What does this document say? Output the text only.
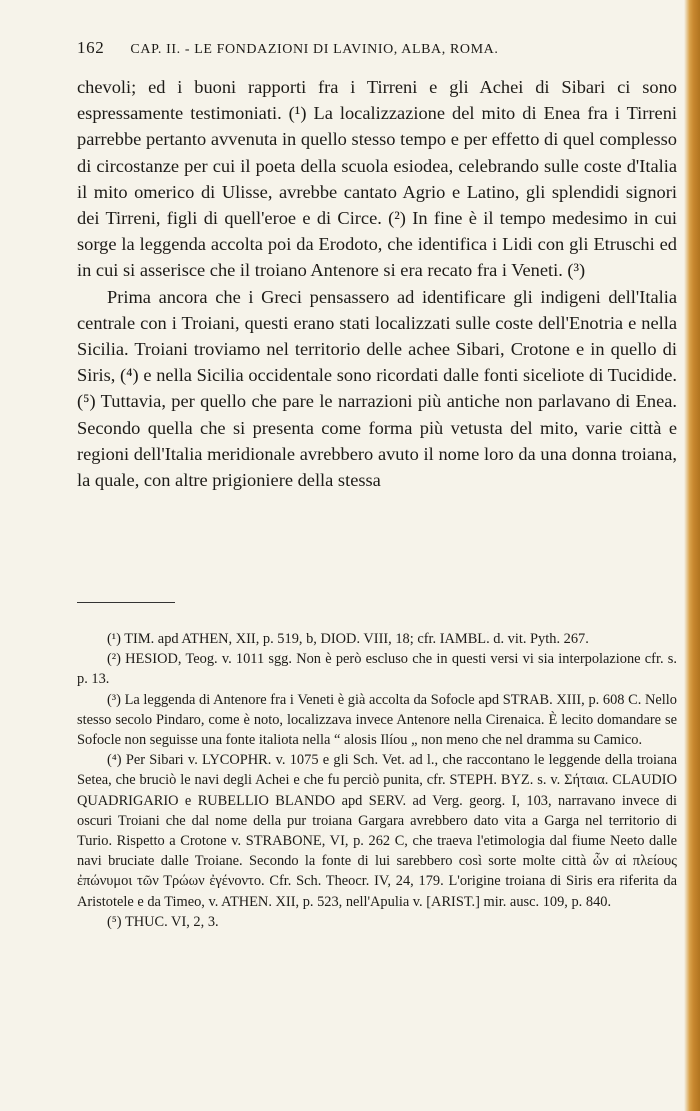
162 CAP. II. - LE FONDAZIONI DI LAVINIO, ALBA, ROMA.

chevoli; ed i buoni rapporti fra i Tirreni e gli Achei di Sibari ci sono espressamente testimoniati. (¹) La localizzazione del mito di Enea fra i Tirreni parrebbe pertanto avvenuta in quello stesso tempo e per effetto di quel complesso di circostanze per cui il poeta della scuola esiodea, celebrando sulle coste d'Italia il mito omerico di Ulisse, avrebbe cantato Agrio e Latino, gli splendidi signori dei Tirreni, figli di quell'eroe e di Circe. (²) In fine è il tempo medesimo in cui sorge la leggenda accolta poi da Erodoto, che identifica i Lidi con gli Etruschi ed in cui si asserisce che il troiano Antenore si era recato fra i Veneti. (³)

Prima ancora che i Greci pensassero ad identificare gli indigeni dell'Italia centrale con i Troiani, questi erano stati localizzati sulle coste dell'Enotria e nella Sicilia. Troiani troviamo nel territorio delle achee Sibari, Crotone e in quello di Siris, (⁴) e nella Sicilia occidentale sono ricordati dalle fonti siceliote di Tucidide. (⁵) Tuttavia, per quello che pare le narrazioni più antiche non parlavano di Enea. Secondo quella che si presenta come forma più vetusta del mito, varie città e regioni dell'Italia meridionale avrebbero avuto il nome loro da una donna troiana, la quale, con altre prigioniere della stessa

(¹) TIM. apd ATHEN, XII, p. 519, b, DIOD. VIII, 18; cfr. IAMBL. d. vit. Pyth. 267.

(²) HESIOD, Teog. v. 1011 sgg. Non è però escluso che in questi versi vi sia interpolazione cfr. s. p. 13.

(³) La leggenda di Antenore fra i Veneti è già accolta da Sofocle apd STRAB. XIII, p. 608 C. Nello stesso secolo Pindaro, come è noto, localizzava invece Antenore nella Cirenaica. È lecito domandare se Sofocle non seguisse una fonte italiota nella “ alosis Ilíou „ non meno che nel dramma su Camico.

(⁴) Per Sibari v. LYCOPHR. v. 1075 e gli Sch. Vet. ad l., che raccontano le leggende della troiana Setea, che bruciò le navi degli Achei e che fu perciò punita, cfr. STEPH. BYZ. s. v. Σήταια. CLAUDIO QUADRIGARIO e RUBELLIO BLANDO apd SERV. ad Verg. georg. I, 103, narravano invece di oscuri Troiani che dal nome della pur troiana Gargara avrebbero dato vita a Garga nel territorio di Turio. Rispetto a Crotone v. STRABONE, VI, p. 262 C, che traeva l'etimologia dal fiume Neeto dalle navi bruciate dalle Troiane. Secondo la fonte di lui sarebbero così sorte molte città ὧν αἱ πλείους ἐπώνυμοι τῶν Τρώων ἐγένοντο. Cfr. Sch. Theocr. IV, 24, 179. L'origine troiana di Siris era riferita da Aristotele e da Timeo, v. ATHEN. XII, p. 523, nell'Apulia v. [ARIST.] mir. ausc. 109, p. 840.

(⁵) THUC. VI, 2, 3.
